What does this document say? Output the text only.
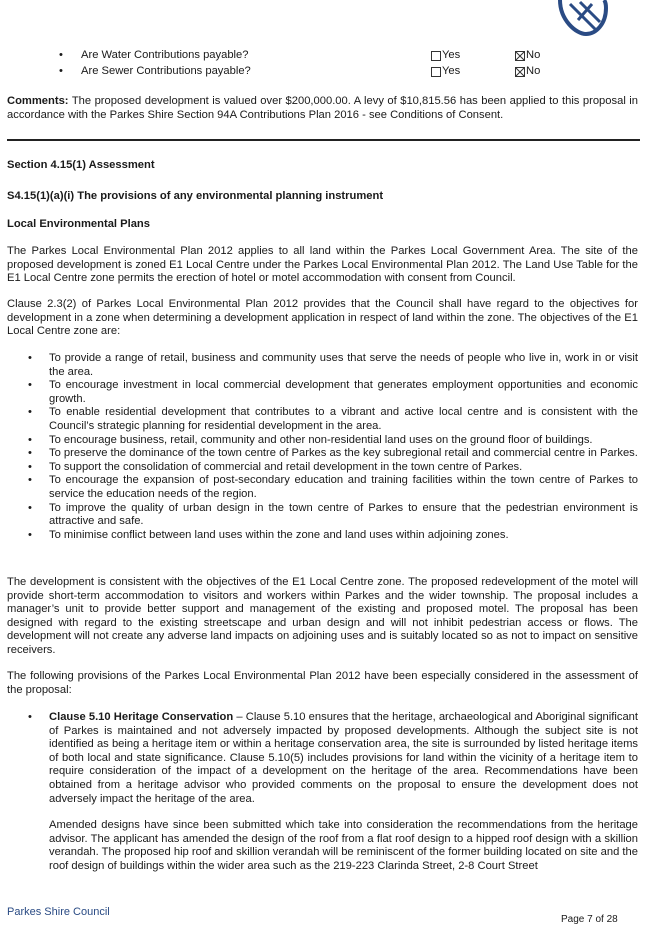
• Are Water Contributions payable?	Yes	No
• Are Sewer Contributions payable?	Yes	No
Comments: The proposed development is valued over $200,000.00. A levy of $10,815.56 has been applied to this proposal in accordance with the Parkes Shire Section 94A Contributions Plan 2016 - see Conditions of Consent.
Section 4.15(1) Assessment
S4.15(1)(a)(i) The provisions of any environmental planning instrument
Local Environmental Plans
The Parkes Local Environmental Plan 2012 applies to all land within the Parkes Local Government Area. The site of the proposed development is zoned E1 Local Centre under the Parkes Local Environmental Plan 2012. The Land Use Table for the E1 Local Centre zone permits the erection of hotel or motel accommodation with consent from Council.
Clause 2.3(2) of Parkes Local Environmental Plan 2012 provides that the Council shall have regard to the objectives for development in a zone when determining a development application in respect of land within the zone. The objectives of the E1 Local Centre zone are:
• To provide a range of retail, business and community uses that serve the needs of people who live in, work in or visit the area.
• To encourage investment in local commercial development that generates employment opportunities and economic growth.
• To enable residential development that contributes to a vibrant and active local centre and is consistent with the Council’s strategic planning for residential development in the area.
• To encourage business, retail, community and other non-residential land uses on the ground floor of buildings.
• To preserve the dominance of the town centre of Parkes as the key subregional retail and commercial centre in Parkes.
• To support the consolidation of commercial and retail development in the town centre of Parkes.
• To encourage the expansion of post-secondary education and training facilities within the town centre of Parkes to service the education needs of the region.
• To improve the quality of urban design in the town centre of Parkes to ensure that the pedestrian environment is attractive and safe.
• To minimise conflict between land uses within the zone and land uses within adjoining zones.
The development is consistent with the objectives of the E1 Local Centre zone. The proposed redevelopment of the motel will provide short-term accommodation to visitors and workers within Parkes and the wider township. The proposal includes a manager’s unit to provide better support and management of the existing and proposed motel. The proposal has been designed with regard to the existing streetscape and urban design and will not inhibit pedestrian access or flows. The development will not create any adverse land impacts on adjoining uses and is suitably located so as not to impact on sensitive receivers.
The following provisions of the Parkes Local Environmental Plan 2012 have been especially considered in the assessment of the proposal:
• Clause 5.10 Heritage Conservation – Clause 5.10 ensures that the heritage, archaeological and Aboriginal significant of Parkes is maintained and not adversely impacted by proposed developments. Although the subject site is not identified as being a heritage item or within a heritage conservation area, the site is surrounded by listed heritage items of both local and state significance. Clause 5.10(5) includes provisions for land within the vicinity of a heritage item to require consideration of the impact of a development on the heritage of the area. Recommendations have been obtained from a heritage advisor who provided comments on the proposal to ensure the development does not adversely impact the heritage of the area.
Amended designs have since been submitted which take into consideration the recommendations from the heritage advisor. The applicant has amended the design of the roof from a flat roof design to a hipped roof design with a skillion verandah. The proposed hip roof and skillion verandah will be reminiscent of the former building located on site and the roof design of buildings within the wider area such as the 219-223 Clarinda Street, 2-8 Court Street
Parkes Shire Council
Page 7 of 28
